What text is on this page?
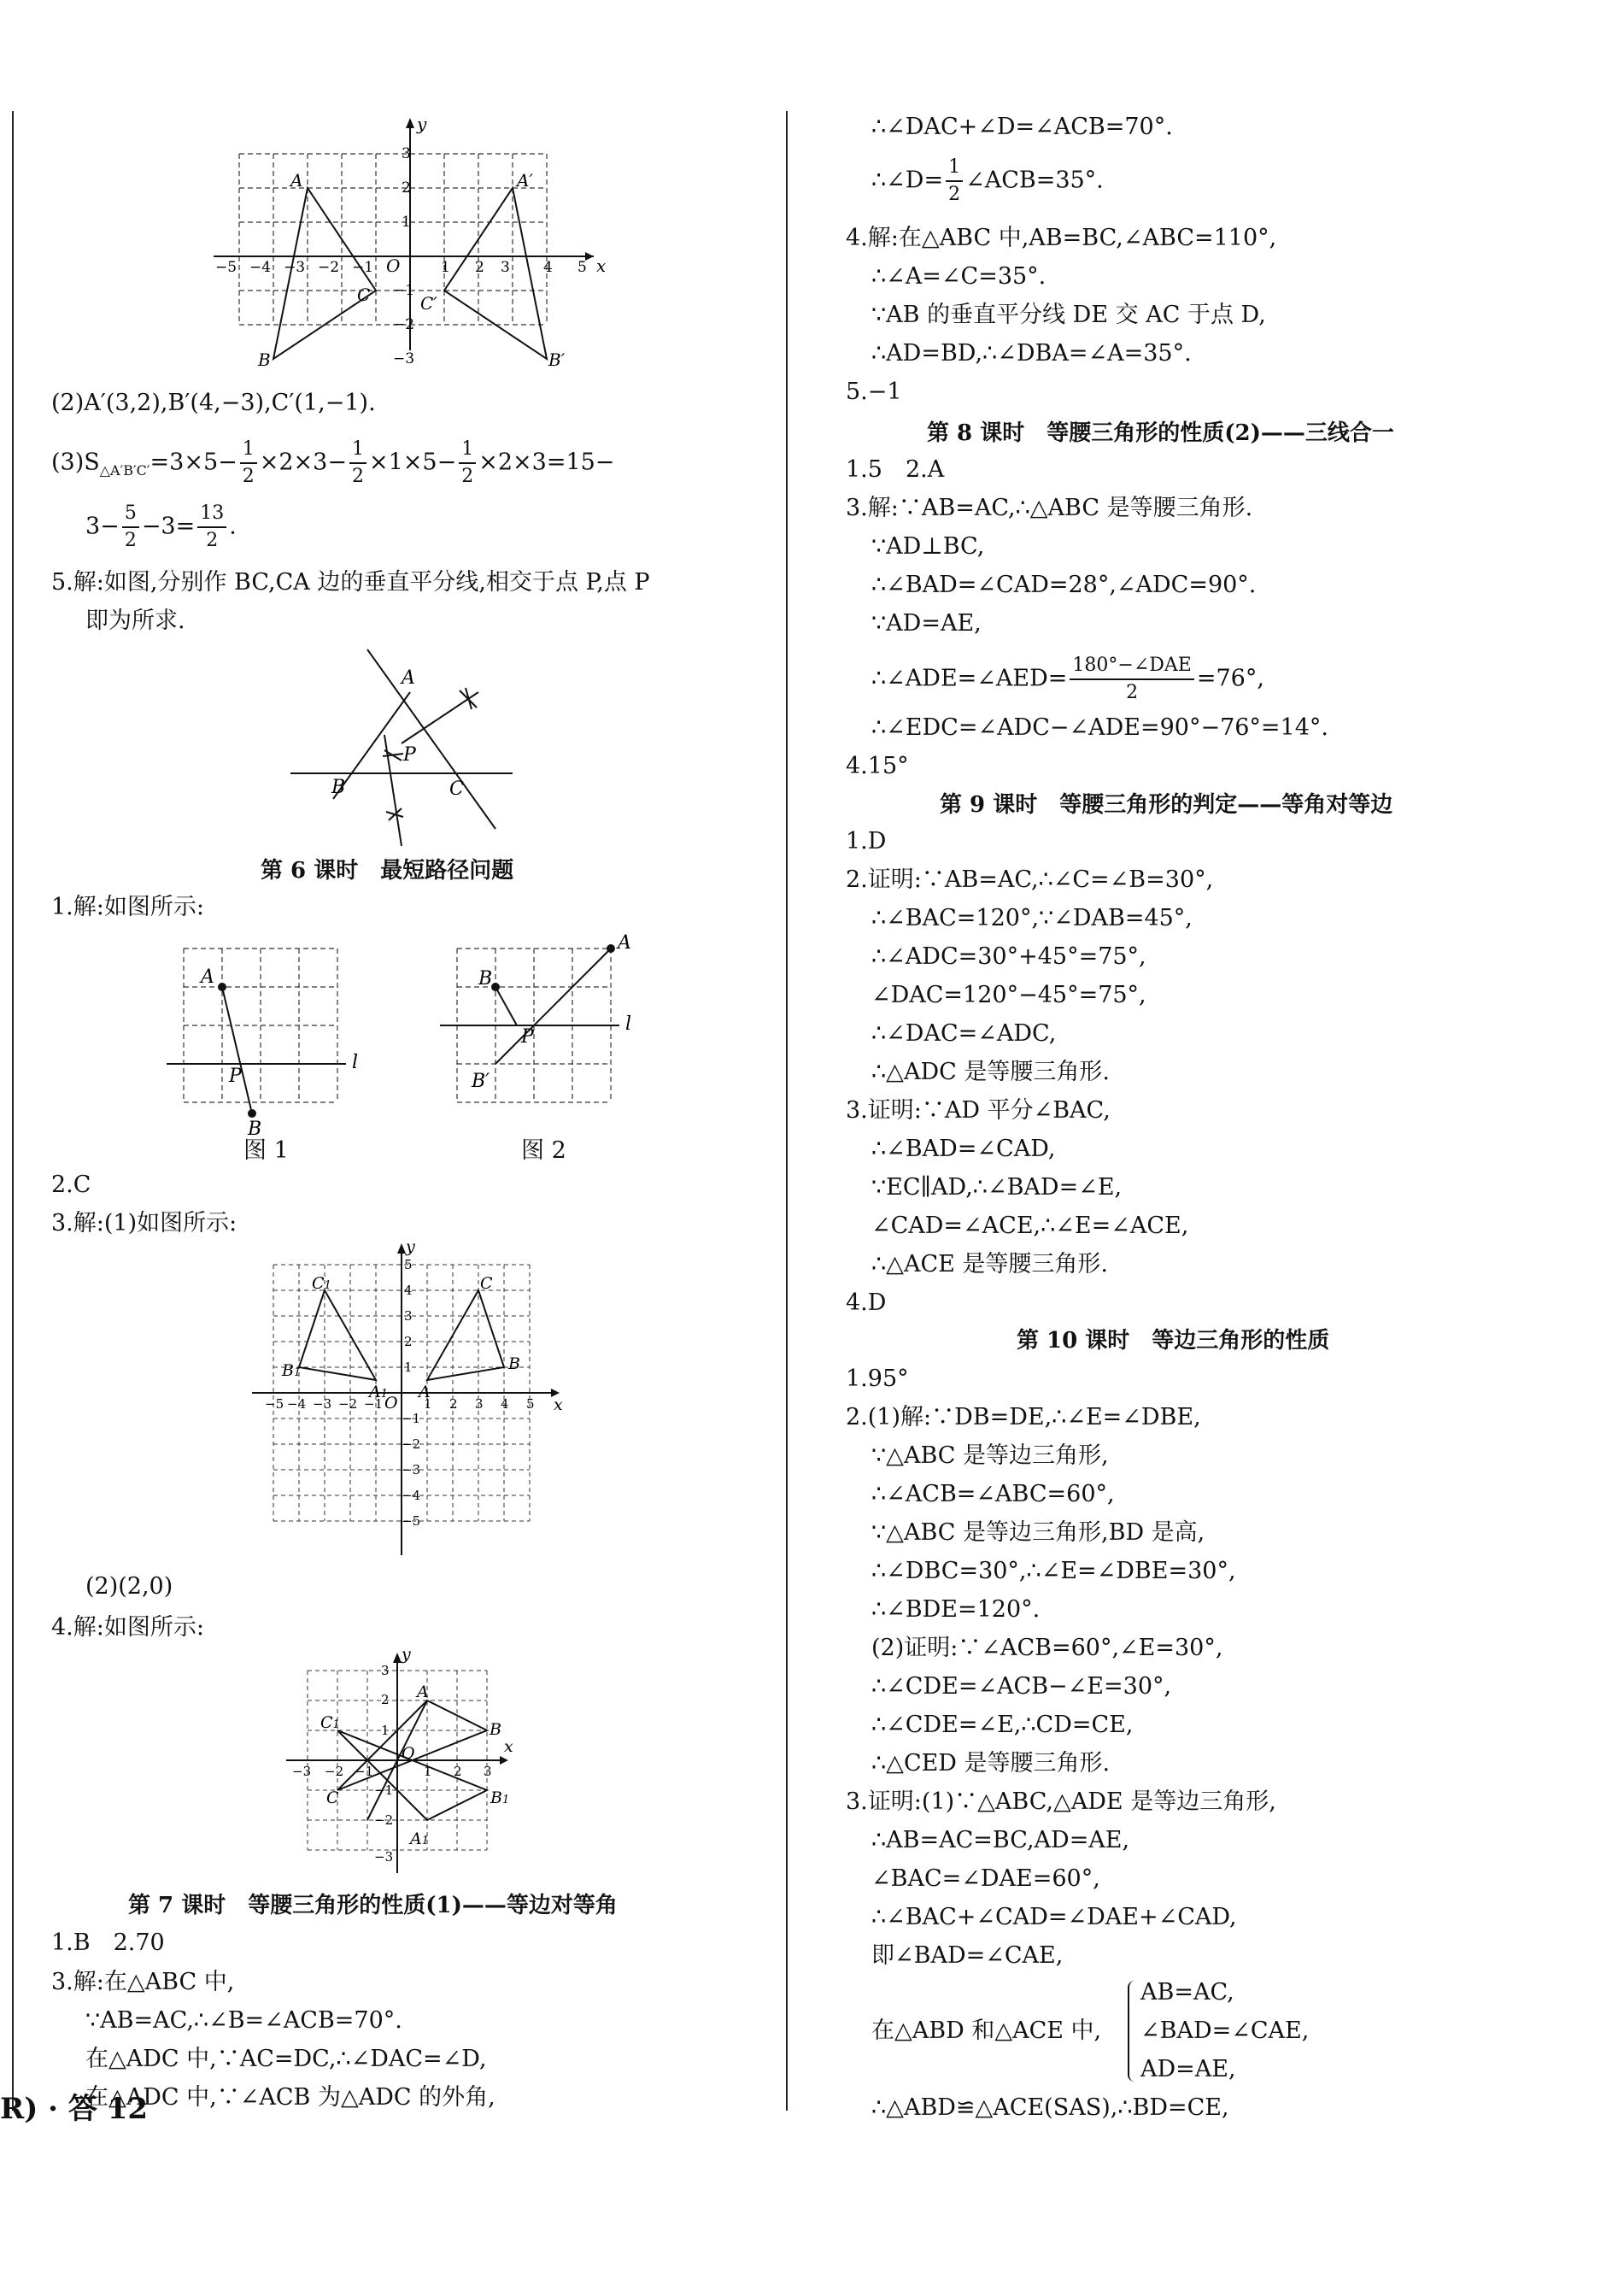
y
x
A
B
C
A′
B′
C′
O
3
2
1
−1
−2
−3
−5 −4 −3 −2 −1	1 2 3 4 5
(2)A′(3,2),B′(4,−3),C′(1,−1).
$(3)S_{\triangle A'B'C'}=3\times 5- \frac{1}{2} \times 2\times 3- \frac{1}{2} \times 1\times 5- \frac{1}{2} \times 2\times 3=15-$
$3- \frac{5}{2} -3= \frac{13}{2}$ .
5.解:如图,分别作 BC,CA 边的垂直平分线,相交于点 P,点 P
即为所求.
A
P
B	C
第 6 课时　最短路径问题
1.解:如图所示:
A
B
P
l
图 1
B
A
P
B′
l
图 2
2.C
3.解:(1)如图所示:
y
x
C1
B1
A1
C
B
A
O
5
4
3
2
1
−1
−2
−3
−4
−5
−5 −4 −3 −2 −1	1 2 3 4 5
(2)(2,0)
4.解:如图所示:
y
x
A
B
C
C1
B1
A1
O
3
2
1
−1
−2
−3
−3 −2 −1	1 2 3
第 7 课时　等腰三角形的性质(1)——等边对等角
1.B　2.70
3.解:在△ABC 中,
∵AB=AC,∴∠B=∠ACB=70°.
在△ADC 中,∵AC=DC,∴∠DAC=∠D,
在△ADC 中,∵∠ACB 为△ADC 的外角,
∴∠DAC+∠D=∠ACB=70°.
∴∠D= $\frac{1}{2}$ ∠ACB=35°.
4.解:在△ABC 中,AB=BC,∠ABC=110°,
∴∠A=∠C=35°.
∵AB 的垂直平分线 DE 交 AC 于点 D,
∴AD=BD,∴∠DBA=∠A=35°.
5.−1
第 8 课时　等腰三角形的性质(2)——三线合一
1.5　2.A
3.解:∵AB=AC,∴△ABC 是等腰三角形.
∵AD⊥BC,
∴∠BAD=∠CAD=28°,∠ADC=90°.
∵AD=AE,
∴∠ADE=∠AED= $\frac{\text{180°−∠DAE}}{2} =76^\circ$,
∴∠EDC=∠ADC−∠ADE=90°−76°=14°.
4.15°
第 9 课时　等腰三角形的判定——等角对等边
1.D
2.证明:∵AB=AC,∴∠C=∠B=30°,
∴∠BAC=120°,∵∠DAB=45°,
∴∠ADC=30°+45°=75°,
∠DAC=120°−45°=75°,
∴∠DAC=∠ADC,
∴△ADC 是等腰三角形.
3.证明:∵AD 平分∠BAC,
∴∠BAD=∠CAD,
∵EC∥AD,∴∠BAD=∠E,
∠CAD=∠ACE,∴∠E=∠ACE,
∴△ACE 是等腰三角形.
4.D
第 10 课时　等边三角形的性质
1.95°
2.(1)解:∵DB=DE,∴∠E=∠DBE,
∵△ABC 是等边三角形,
∴∠ACB=∠ABC=60°,
∵△ABC 是等边三角形,BD 是高,
∴∠DBC=30°,∴∠E=∠DBE=30°,
∴∠BDE=120°.
(2)证明:∵∠ACB=60°,∠E=30°,
∴∠CDE=∠ACB−∠E=30°,
∴∠CDE=∠E,∴CD=CE,
∴△CED 是等腰三角形.
3.证明:(1)∵△ABC,△ADE 是等边三角形,
∴AB=AC=BC,AD=AE,
∠BAC=∠DAE=60°,
∴∠BAC+∠CAD=∠DAE+∠CAD,
即∠BAD=∠CAE,
在△ABD 和△ACE 中,
AB=AC,
∠BAD=∠CAE,
AD=AE,
∴△ABD≌△ACE(SAS),∴BD=CE,
R) · 答 12
